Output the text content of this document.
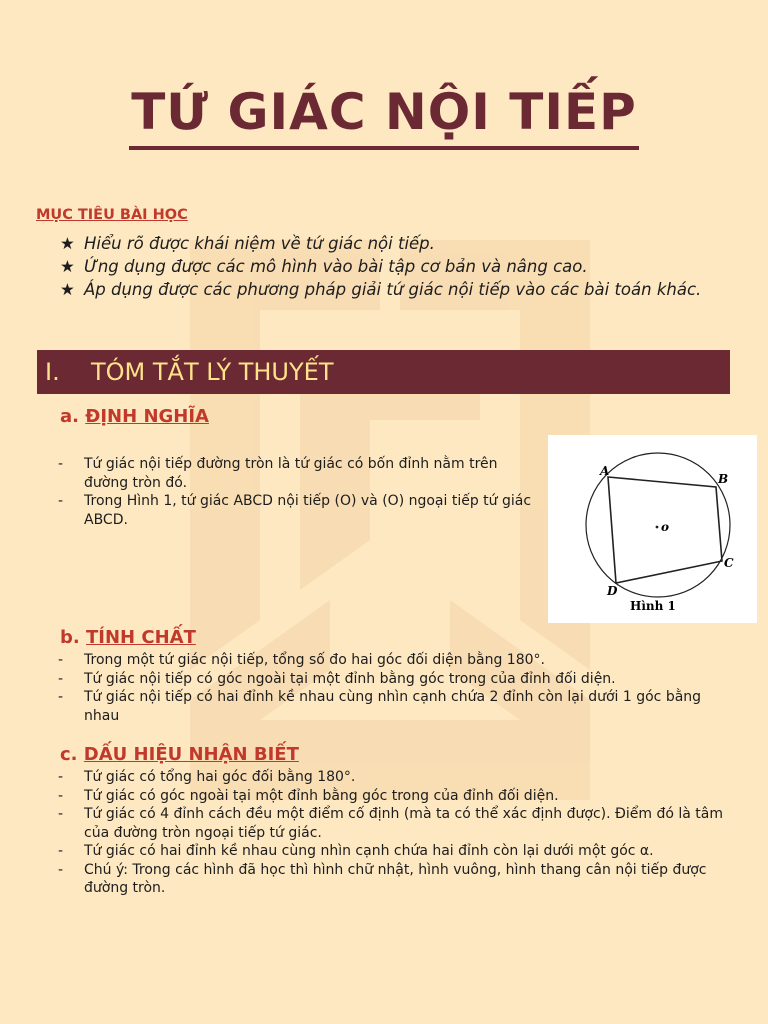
TỨ GIÁC NỘI TIẾP
MỤC TIÊU BÀI HỌC
★ Hiểu rõ được khái niệm về tứ giác nội tiếp.
★ Ứng dụng được các mô hình vào bài tập cơ bản và nâng cao.
★ Áp dụng được các phương pháp giải tứ giác nội tiếp vào các bài toán khác.
I.	TÓM TẮT LÝ THUYẾT
a. ĐỊNH NGHĨA
- Tứ giác nội tiếp đường tròn là tứ giác có bốn đỉnh nằm trên đường tròn đó.
- Trong Hình 1, tứ giác ABCD nội tiếp (O) và (O) ngoại tiếp tứ giác ABCD.
A
B
C
D
o
Hình 1
b. TÍNH CHẤT
- Trong một tứ giác nội tiếp, tổng số đo hai góc đối diện bằng 180°.
- Tứ giác nội tiếp có góc ngoài tại một đỉnh bằng góc trong của đỉnh đối diện.
- Tứ giác nội tiếp có hai đỉnh kề nhau cùng nhìn cạnh chứa 2 đỉnh còn lại dưới 1 góc bằng nhau
c. DẤU HIỆU NHẬN BIẾT
- Tứ giác có tổng hai góc đối bằng 180°.
- Tứ giác có góc ngoài tại một đỉnh bằng góc trong của đỉnh đối diện.
- Tứ giác có 4 đỉnh cách đều một điểm cố định (mà ta có thể xác định được). Điểm đó là tâm của đường tròn ngoại tiếp tứ giác.
- Tứ giác có hai đỉnh kề nhau cùng nhìn cạnh chứa hai đỉnh còn lại dưới một góc α.
- Chú ý: Trong các hình đã học thì hình chữ nhật, hình vuông, hình thang cân nội tiếp được đường tròn.
